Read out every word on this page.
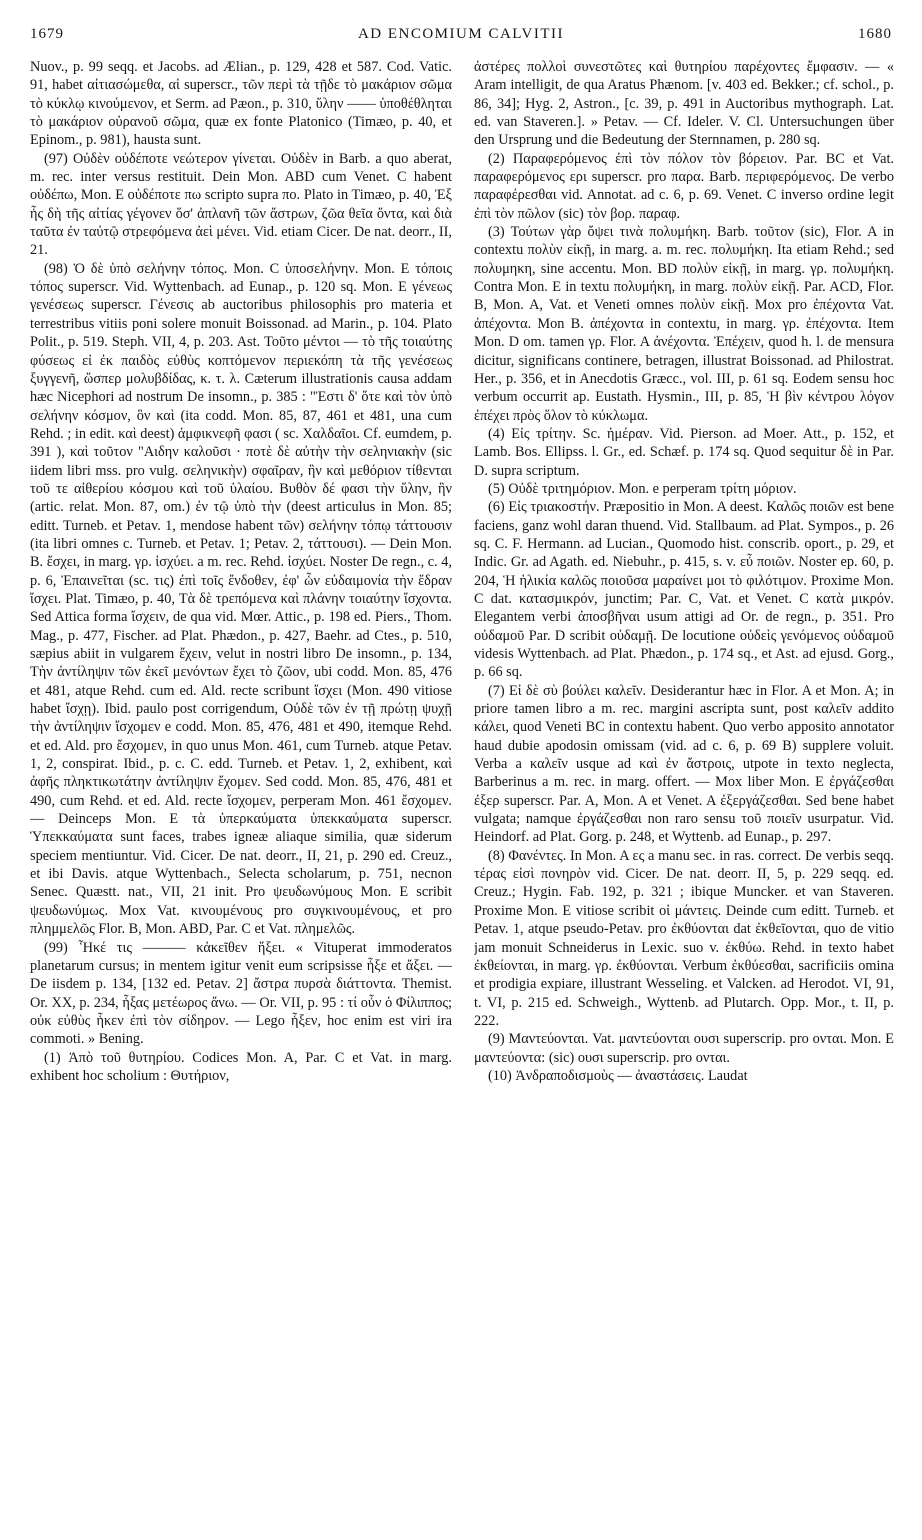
1679	AD ENCOMIUM CALVITII	1680

Nuov., p. 99 seqq. et Jacobs. ad Ælian., p. 129, 428 et 587. Cod. Vatic. 91, habet αἰτιασώμεθα, αἱ superscr., τῶν περὶ τὰ τῇδε τὸ μακάριον σῶμα τὸ κύκλῳ κινούμενον, et Serm. ad Pæon., p. 310, ὕλην —— ὑποθέθληται τὸ μακάριον οὐρανοῦ σῶμα, quæ ex fonte Platonico (Timæo, p. 40, et Epinom., p. 981), hausta sunt.

(97) Οὐδὲν οὐδέποτε νεώτερον γίνεται. Οὐδὲν in Barb. a quo aberat, m. rec. inter versus restituit. Dein Mon. ABD cum Venet. C habent οὐδέπω, Mon. E οὐδέποτε πω scripto supra πο. Plato in Timæo, p. 40, Ἐξ ἧς δὴ τῆς αἰτίας γέγονεν ὅσ' ἀπλανῆ τῶν ἄστρων, ζῶα θεῖα ὄντα, καὶ διὰ ταῦτα ἐν ταὐτῷ στρεφόμενα ἀεὶ μένει. Vid. etiam Cicer. De nat. deorr., II, 21.

(98) Ὁ δὲ ὑπὸ σελήνην τόπος. Mon. C ὑποσελήνην. Mon. E τόποις τόπος superscr. Vid. Wyttenbach. ad Eunap., p. 120 sq. Mon. E γένεως γενέσεως superscr. Γένεσις ab auctoribus philosophis pro materia et terrestribus vitiis poni solere monuit Boissonad. ad Marin., p. 104. Plato Polit., p. 519. Steph. VII, 4, p. 203. Ast. Τοῦτο μέντοι — τὸ τῆς τοιαύτης φύσεως εἰ ἐκ παιδὸς εὐθὺς κοπτόμενον περιεκόπη τὰ τῆς γενέσεως ξυγγενῆ, ὥσπερ μολυβδίδας, κ. τ. λ. Cæterum illustrationis causa addam hæc Nicephori ad nostrum De insomn., p. 385 : "Ἐστι δ' ὅτε καὶ τὸν ὑπὸ σελήνην κόσμον, ὃν καὶ (ita codd. Mon. 85, 87, 461 et 481, una cum Rehd. ; in edit. καὶ deest) ἀμφικνεφῆ φασι ( sc. Χαλδαῖοι. Cf. eumdem, p. 391 ), καὶ τοῦτον "Αιδην καλοῦσι · ποτὲ δὲ αὐτὴν τὴν σεληνιακὴν (sic iidem libri mss. pro vulg. σεληνικὴν) σφαῖραν, ἣν καὶ μεθόριον τίθενται τοῦ τε αἰθερίου κόσμου καὶ τοῦ ὑλαίου. Βυθὸν δέ φασι τὴν ὕλην, ἣν (artic. relat. Mon. 87, om.) ἐν τῷ ὑπὸ τὴν (deest articulus in Mon. 85; editt. Turneb. et Petav. 1, mendose habent τῶν) σελήνην τόπῳ τάττουσιν (ita libri omnes c. Turneb. et Petav. 1; Petav. 2, τάττουσι). — Dein Mon. B. ἔσχει, in marg. γρ. ἰσχύει. a m. rec. Rehd. ἰσχύει. Noster De regn., c. 4, p. 6, Ἐπαινεῖται (sc. τις) ἐπὶ τοῖς ἔνδοθεν, ἐφ' ὧν εὐδαιμονία τὴν ἕδραν ἴσχει. Plat. Timæo, p. 40, Τὰ δὲ τρεπόμενα καὶ πλάνην τοιαύτην ἴσχοντα. Sed Attica forma ἴσχειν, de qua vid. Mœr. Attic., p. 198 ed. Piers., Thom. Mag., p. 477, Fischer. ad Plat. Phædon., p. 427, Baehr. ad Ctes., p. 510, sæpius abiit in vulgarem ἔχειν, velut in nostri libro De insomn., p. 134, Τὴν ἀντίληψιν τῶν ἐκεῖ μενόντων ἔχει τὸ ζῶον, ubi codd. Mon. 85, 476 et 481, atque Rehd. cum ed. Ald. recte scribunt ἴσχει (Mon. 490 vitiose habet ἴσχῃ). Ibid. paulo post corrigendum, Οὐδὲ τῶν ἐν τῇ πρώτῃ ψυχῇ τὴν ἀντίληψιν ἴσχομεν e codd. Mon. 85, 476, 481 et 490, itemque Rehd. et ed. Ald. pro ἔσχομεν, in quo unus Mon. 461, cum Turneb. atque Petav. 1, 2, conspirat. Ibid., p. c. C. edd. Turneb. et Petav. 1, 2, exhibent, καὶ ἀφῆς πληκτικωτάτην ἀντίληψιν ἔχομεν. Sed codd. Mon. 85, 476, 481 et 490, cum Rehd. et ed. Ald. recte ἴσχομεν, perperam Mon. 461 ἔσχομεν. — Deinceps Mon. E τὰ ὑπερκαύματα ὑπεκκαύματα superscr. Ὑπεκκαύματα sunt faces, trabes igneæ aliaque similia, quæ siderum speciem mentiuntur. Vid. Cicer. De nat. deorr., II, 21, p. 290 ed. Creuz., et ibi Davis. atque Wyttenbach., Selecta scholarum, p. 751, necnon Senec. Quæstt. nat., VII, 21 init. Pro ψευδωνύμους Mon. E scribit ψευδωνύμως. Mox Vat. κινουμένους pro συγκινουμένους, et pro πλημμελῶς Flor. B, Mon. ABD, Par. C et Vat. πλημελῶς.

(99) Ἧκέ τις ——— κἀκεῖθεν ἥξει. « Vituperat immoderatos planetarum cursus; in mentem igitur venit eum scripsisse ἧξε et ἄξει. — De iisdem p. 134, [132 ed. Petav. 2] ἄστρα πυρσὰ διάττοντα. Themist. Or. XX, p. 234, ἧξας μετέωρος ἄνω. — Or. VII, p. 95 : τί οὖν ὁ Φίλιππος; οὐκ εὐθὺς ἧκεν ἐπὶ τὸν σίδηρον. — Lego ἧξεν, hoc enim est viri ira commoti. » Bening.

(1) Ἀπὸ τοῦ θυτηρίου. Codices Mon. A, Par. C et Vat. in marg. exhibent hoc scholium : Θυτήριον,

ἀστέρες πολλοὶ συνεστῶτες καὶ θυτηρίου παρέχοντες ἔμφασιν. — « Aram intelligit, de qua Aratus Phænom. [v. 403 ed. Bekker.; cf. schol., p. 86, 34]; Hyg. 2, Astron., [c. 39, p. 491 in Auctoribus mythograph. Lat. ed. van Staveren.]. » Petav. — Cf. Ideler. V. Cl. Untersuchungen über den Ursprung und die Bedeutung der Sternnamen, p. 280 sq.

(2) Παραφερόμενος ἐπὶ τὸν πόλον τὸν βόρειον. Par. BC et Vat. παραφερόμενος ερι superscr. pro παρα. Barb. περιφερόμενος. De verbo παραφέρεσθαι vid. Annotat. ad c. 6, p. 69. Venet. C inverso ordine legit ἐπὶ τὸν πῶλον (sic) τὸν βορ. παραφ.

(3) Τούτων γὰρ ὄψει τινὰ πολυμήκη. Barb. τοῦτον (sic), Flor. A in contextu πολὺν εἰκῇ, in marg. a. m. rec. πολυμήκη. Ita etiam Rehd.; sed πολυμηκη, sine accentu. Mon. BD πολὺν εἰκῇ, in marg. γρ. πολυμήκη. Contra Mon. E in textu πολυμήκη, in marg. πολὺν εἰκῇ. Par. ACD, Flor. B, Mon. A, Vat. et Veneti omnes πολὺν εἰκῇ. Mox pro ἐπέχοντα Vat. ἀπέχοντα. Mon B. ἀπέχοντα in contextu, in marg. γρ. ἐπέχοντα. Item Mon. D om. tamen γρ. Flor. A ἀνέχοντα. Ἐπέχειν, quod h. l. de mensura dicitur, significans continere, betragen, illustrat Boissonad. ad Philostrat. Her., p. 356, et in Anecdotis Græcc., vol. III, p. 61 sq. Eodem sensu hoc verbum occurrit ap. Eustath. Hysmin., III, p. 85, Ἡ βὶν κέντρου λόγον ἐπέχει πρὸς ὅλον τὸ κύκλωμα.

(4) Εἰς τρίτην. Sc. ἡμέραν. Vid. Pierson. ad Moer. Att., p. 152, et Lamb. Bos. Ellipss. l. Gr., ed. Schæf. p. 174 sq. Quod sequitur δὲ in Par. D. supra scriptum.

(5) Οὐδὲ τριτημόριον. Mon. e perperam τρίτη μόριον.

(6) Εἰς τριακοστήν. Præpositio in Mon. A deest. Καλῶς ποιῶν est bene faciens, ganz wohl daran thuend. Vid. Stallbaum. ad Plat. Sympos., p. 26 sq. C. F. Hermann. ad Lucian., Quomodo hist. conscrib. oport., p. 29, et Indic. Gr. ad Agath. ed. Niebuhr., p. 415, s. v. εὖ ποιῶν. Noster ep. 60, p. 204, Ἡ ἡλικία καλῶς ποιοῦσα μαραίνει μοι τὸ φιλότιμον. Proxime Mon. C dat. κατασμικρόν, junctim; Par. C, Vat. et Venet. C κατὰ μικρόν. Elegantem verbi ἀποσβῆναι usum attigi ad Or. de regn., p. 351. Pro οὐδαμοῦ Par. D scribit οὐδαμῇ. De locutione οὐδεὶς γενόμενος οὐδαμοῦ videsis Wyttenbach. ad Plat. Phædon., p. 174 sq., et Ast. ad ejusd. Gorg., p. 66 sq.

(7) Εἰ δὲ σὺ βούλει καλεῖν. Desiderantur hæc in Flor. A et Mon. A; in priore tamen libro a m. rec. margini ascripta sunt, post καλεῖν addito κάλει, quod Veneti BC in contextu habent. Quo verbo apposito annotator haud dubie apodosin omissam (vid. ad c. 6, p. 69 B) supplere voluit. Verba a καλεῖν usque ad καὶ ἐν ἄστροις, utpote in texto neglecta, Barberinus a m. rec. in marg. offert. — Mox liber Mon. E ἐργάζεσθαι ἐξερ superscr. Par. A, Mon. A et Venet. A ἐξεργάζεσθαι. Sed bene habet vulgata; namque ἐργάζεσθαι non raro sensu τοῦ ποιεῖν usurpatur. Vid. Heindorf. ad Plat. Gorg. p. 248, et Wyttenb. ad Eunap., p. 297.

(8) Φανέντες. In Mon. A ες a manu sec. in ras. correct. De verbis seqq. τέρας εἰσὶ πονηρὸν vid. Cicer. De nat. deorr. II, 5, p. 229 seqq. ed. Creuz.; Hygin. Fab. 192, p. 321 ; ibique Muncker. et van Staveren. Proxime Mon. E vitiose scribit οἱ μάντεις. Deinde cum editt. Turneb. et Petav. 1, atque pseudo-Petav. pro ἐκθύονται dat ἐκθεῖονται, quo de vitio jam monuit Schneiderus in Lexic. suo v. ἐκθύω. Rehd. in texto habet ἐκθείονται, in marg. γρ. ἐκθύονται. Verbum ἐκθύεσθαι, sacrificiis omina et prodigia expiare, illustrant Wesseling. et Valcken. ad Herodot. VI, 91, t. VI, p. 215 ed. Schweigh., Wyttenb. ad Plutarch. Opp. Mor., t. II, p. 222.

(9) Μαντεύονται. Vat. μαντεύονται ουσι superscrip. pro ονται. Mon. E μαντεύοντα: (sic) ουσι superscrip. pro ονται.

(10) Ἀνδραποδισμοὺς — ἀναστάσεις. Laudat
